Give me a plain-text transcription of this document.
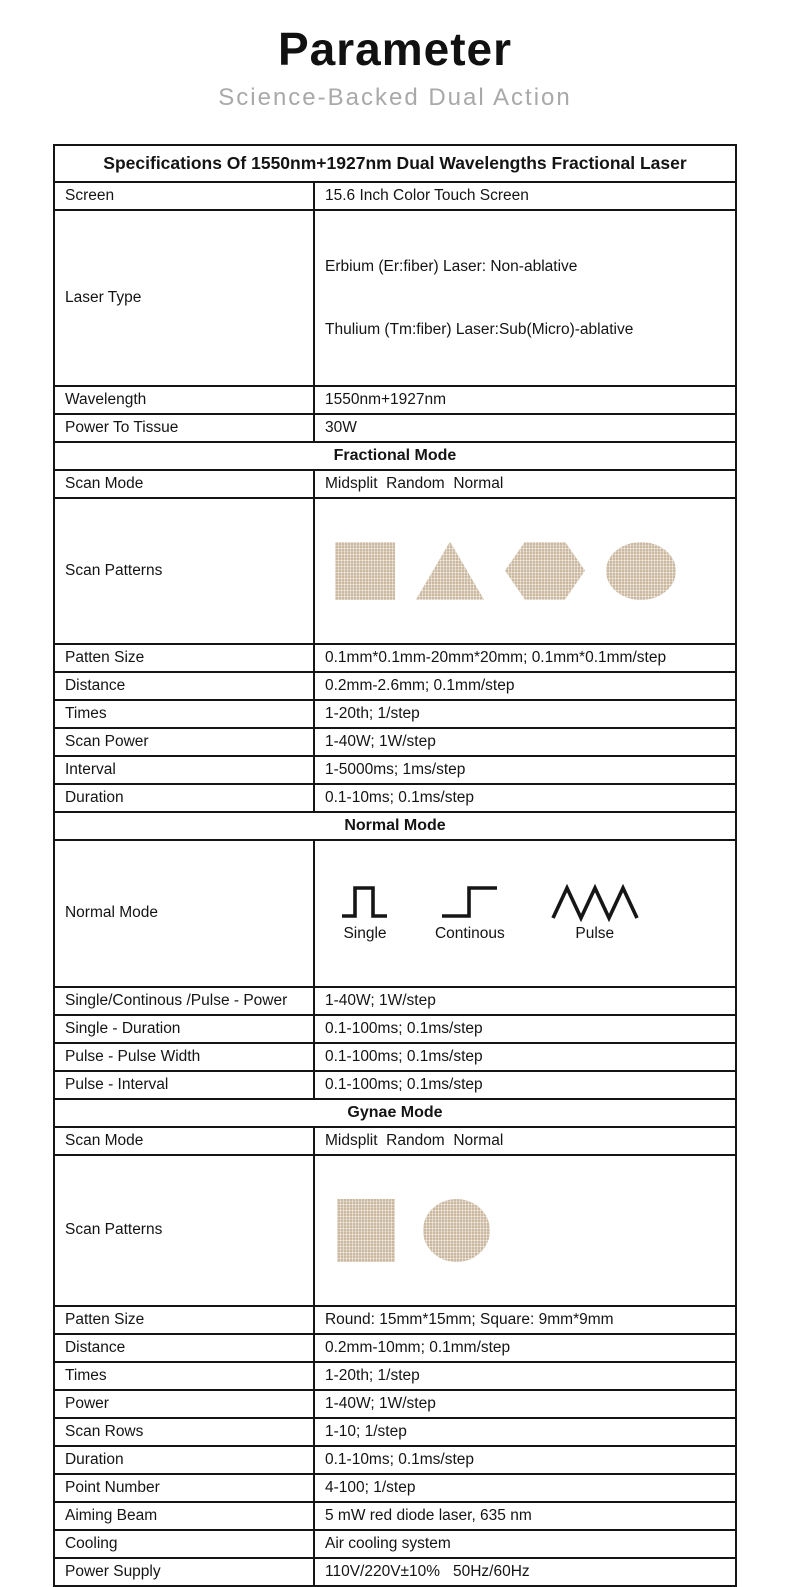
Parameter
Science-Backed Dual Action
Specifications Of 1550nm+1927nm Dual Wavelengths Fractional Laser	
Screen	15.6 Inch Color Touch Screen
Laser Type	Erbium (Er:fiber) Laser: Non-ablative

Thulium (Tm:fiber) Laser:Sub(Micro)-ablative

Wavelength	1550nm+1927nm
Power To Tissue	30W
Fractional Mode	
Scan Mode	Midsplit  Random  Normal
Scan Patterns	

Patten Size	0.1mm*0.1mm-20mm*20mm; 0.1mm*0.1mm/step
Distance	0.2mm-2.6mm; 0.1mm/step
Times	1-20th; 1/step
Scan Power	1-40W; 1W/step
Interval	1-5000ms; 1ms/step
Duration	0.1-10ms; 0.1ms/step
Normal Mode	
Normal Mode	Single Continous Pulse

Single/Continous /Pulse - Power	1-40W; 1W/step
Single - Duration	0.1-100ms; 0.1ms/step
Pulse - Pulse Width	0.1-100ms; 0.1ms/step
Pulse - Interval	0.1-100ms; 0.1ms/step
Gynae Mode	
Scan Mode	Midsplit  Random  Normal
Scan Patterns	

Patten Size	Round: 15mm*15mm; Square: 9mm*9mm
Distance	0.2mm-10mm; 0.1mm/step
Times	1-20th; 1/step
Power	1-40W; 1W/step
Scan Rows	1-10; 1/step
Duration	0.1-10ms; 0.1ms/step
Point Number	4-100; 1/step
Aiming Beam	5 mW red diode laser, 635 nm
Cooling	Air cooling system
Power Supply	110V/220V±10%   50Hz/60Hz
